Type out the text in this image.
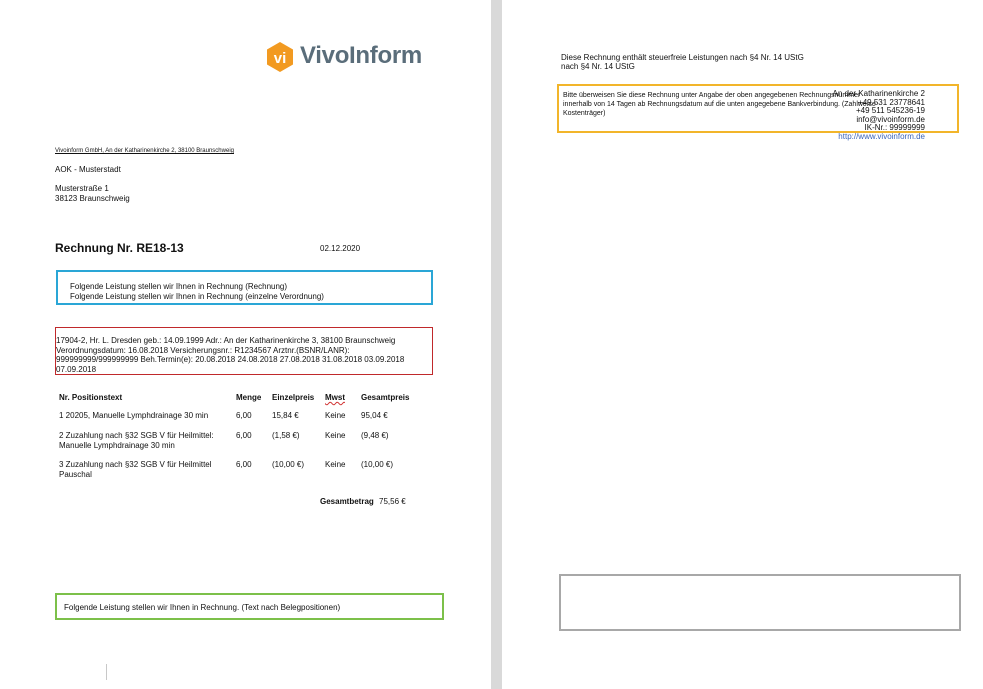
vi VivoInform
An der Katharinenkirche 2
+49 531 23778641
+49 511 545236-19
info@vivoinform.de
IK-Nr.: 99999999
http://www.vivoinform.de
Vivoinform GmbH, An der Katharinenkirche 2, 38100 Braunschweig
AOK - Musterstadt
Musterstraße 1
38123 Braunschweig
Rechnung Nr. RE18-13	02.12.2020
Folgende Leistung stellen wir Ihnen in Rechnung (Rechnung)
Folgende Leistung stellen wir Ihnen in Rechnung (einzelne Verordnung)
17904-2, Hr. L. Dresden geb.: 14.09.1999 Adr.: An der Katharinenkirche 3, 38100 Braunschweig
Verordnungsdatum: 16.08.2018 Versicherungsnr.: R1234567 Arztnr.(BSNR/LANR):
999999999/999999999 Beh.Termin(e): 20.08.2018 24.08.2018 27.08.2018 31.08.2018 03.09.2018
07.09.2018
Nr. Positionstext	Menge Einzelpreis Mwst Gesamtpreis
1 20205, Manuelle Lymphdrainage 30 min	6,00	15,84 €	Keine 95,04 €
2 Zuzahlung nach §32 SGB V für Heilmittel:
Manuelle Lymphdrainage 30 min
6,00	(1,58 €)	Keine (9,48 €)
3 Zuzahlung nach §32 SGB V für Heilmittel
Pauschal
6,00	(10,00 €)	Keine (10,00 €)
Gesamtbetrag 75,56 €
Folgende Leistung stellen wir Ihnen in Rechnung. (Text nach Belegpositionen)
Diese Rechnung enthält steuerfreie Leistungen nach §4 Nr. 14 UStG
nach §4 Nr. 14 UStG
Bitte überweisen Sie diese Rechnung unter Angabe der oben angegebenen Rechnungsnummer
innerhalb von 14 Tagen ab Rechnungsdatum auf die unten angegebene Bankverbindung. (Zahlweise
Kostenträger)
